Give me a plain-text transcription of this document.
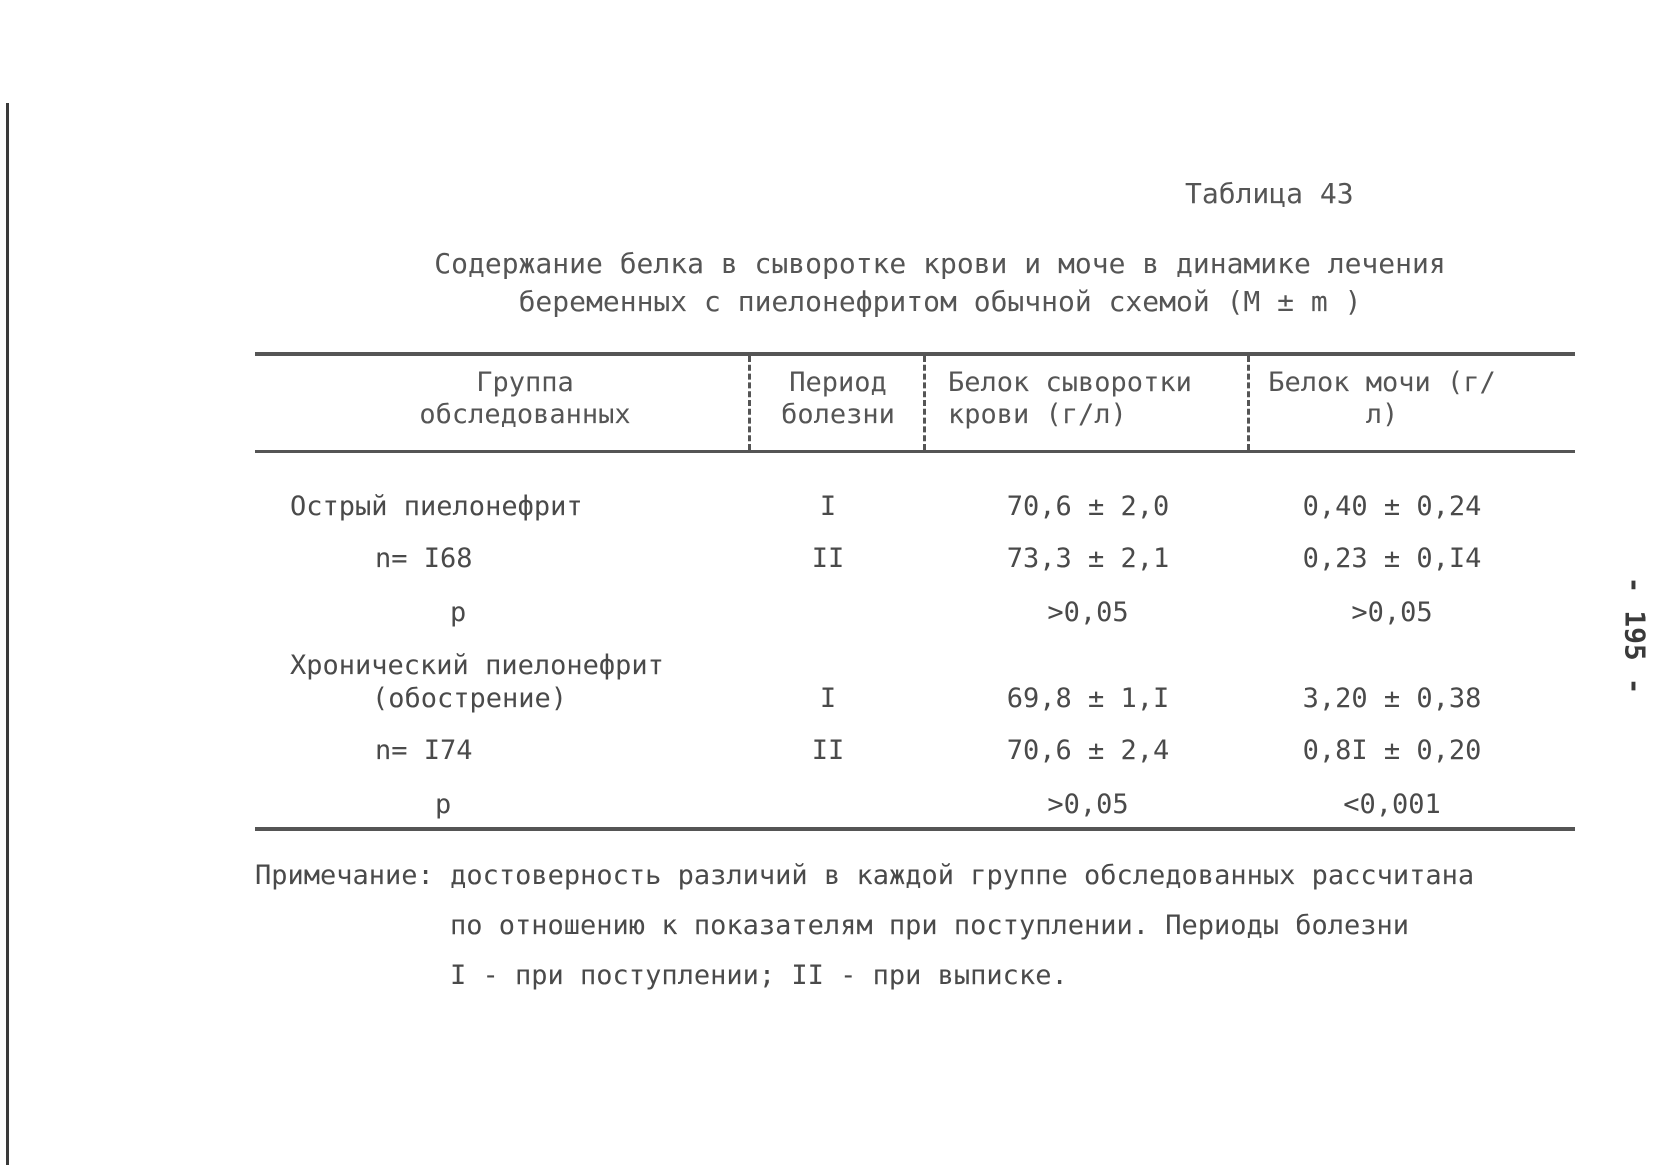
- 195 -
Таблица 43
Содержание белка в сыворотке крови и моче в динамике лечения
беременных с пиелонефритом обычной схемой (М ± m )
Группа обследованных
Период болезни
Белок сыворотки крови (г/л)
Белок мочи (г/л)
Острый пиелонефрит
n= I68
p
I
II
70,6 ± 2,0
73,3 ± 2,1
>0,05
0,40 ± 0,24
0,23 ± 0,I4
>0,05
Хронический пиелонефрит
(обострение)
n= I74
p
I
II
69,8 ± 1,I
70,6 ± 2,4
>0,05
3,20 ± 0,38
0,8I ± 0,20
<0,001
Примечание: достоверность различий в каждой группе обследованных рассчитана
по отношению к показателям при поступлении. Периоды болезни
I - при поступлении; II - при выписке.
